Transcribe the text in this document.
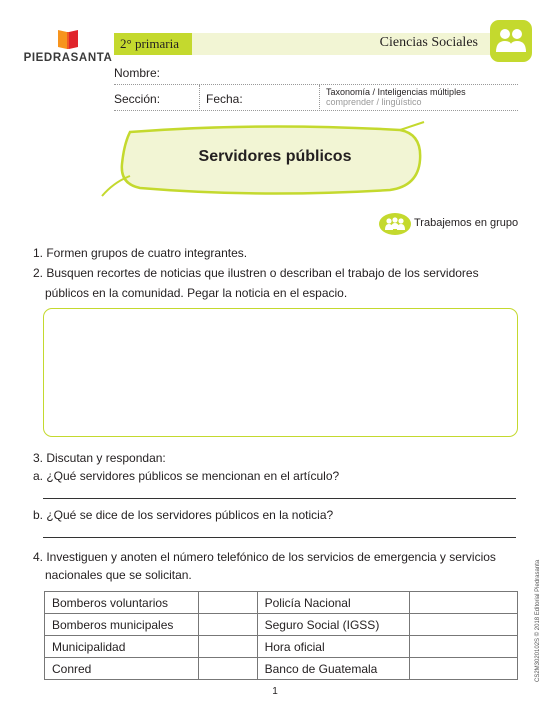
PIEDRASANTA
2° primaria	Ciencias Sociales
Nombre:
Sección:	Fecha:	Taxonomía / Inteligencias múltiples
comprender / lingüístico
Servidores públicos
Trabajemos en grupo
1. Formen grupos de cuatro integrantes.
2. Busquen recortes de noticias que ilustren o describan el trabajo de los servidores
públicos en la comunidad. Pegar la noticia en el espacio.
3. Discutan y respondan:
a. ¿Qué servidores públicos se mencionan en el artículo?
b. ¿Qué se dice de los servidores públicos en la noticia?
4. Investiguen y anoten el número telefónico de los servicios de emergencia y servicios
nacionales que se solicitan.
Bomberos voluntarios		Policía Nacional	
Bomberos municipales		Seguro Social (IGSS)	
Municipalidad		Hora oficial	
Conred		Banco de Guatemala		CS2M3020102S © 2018 Editorial Piedrasanta
1
